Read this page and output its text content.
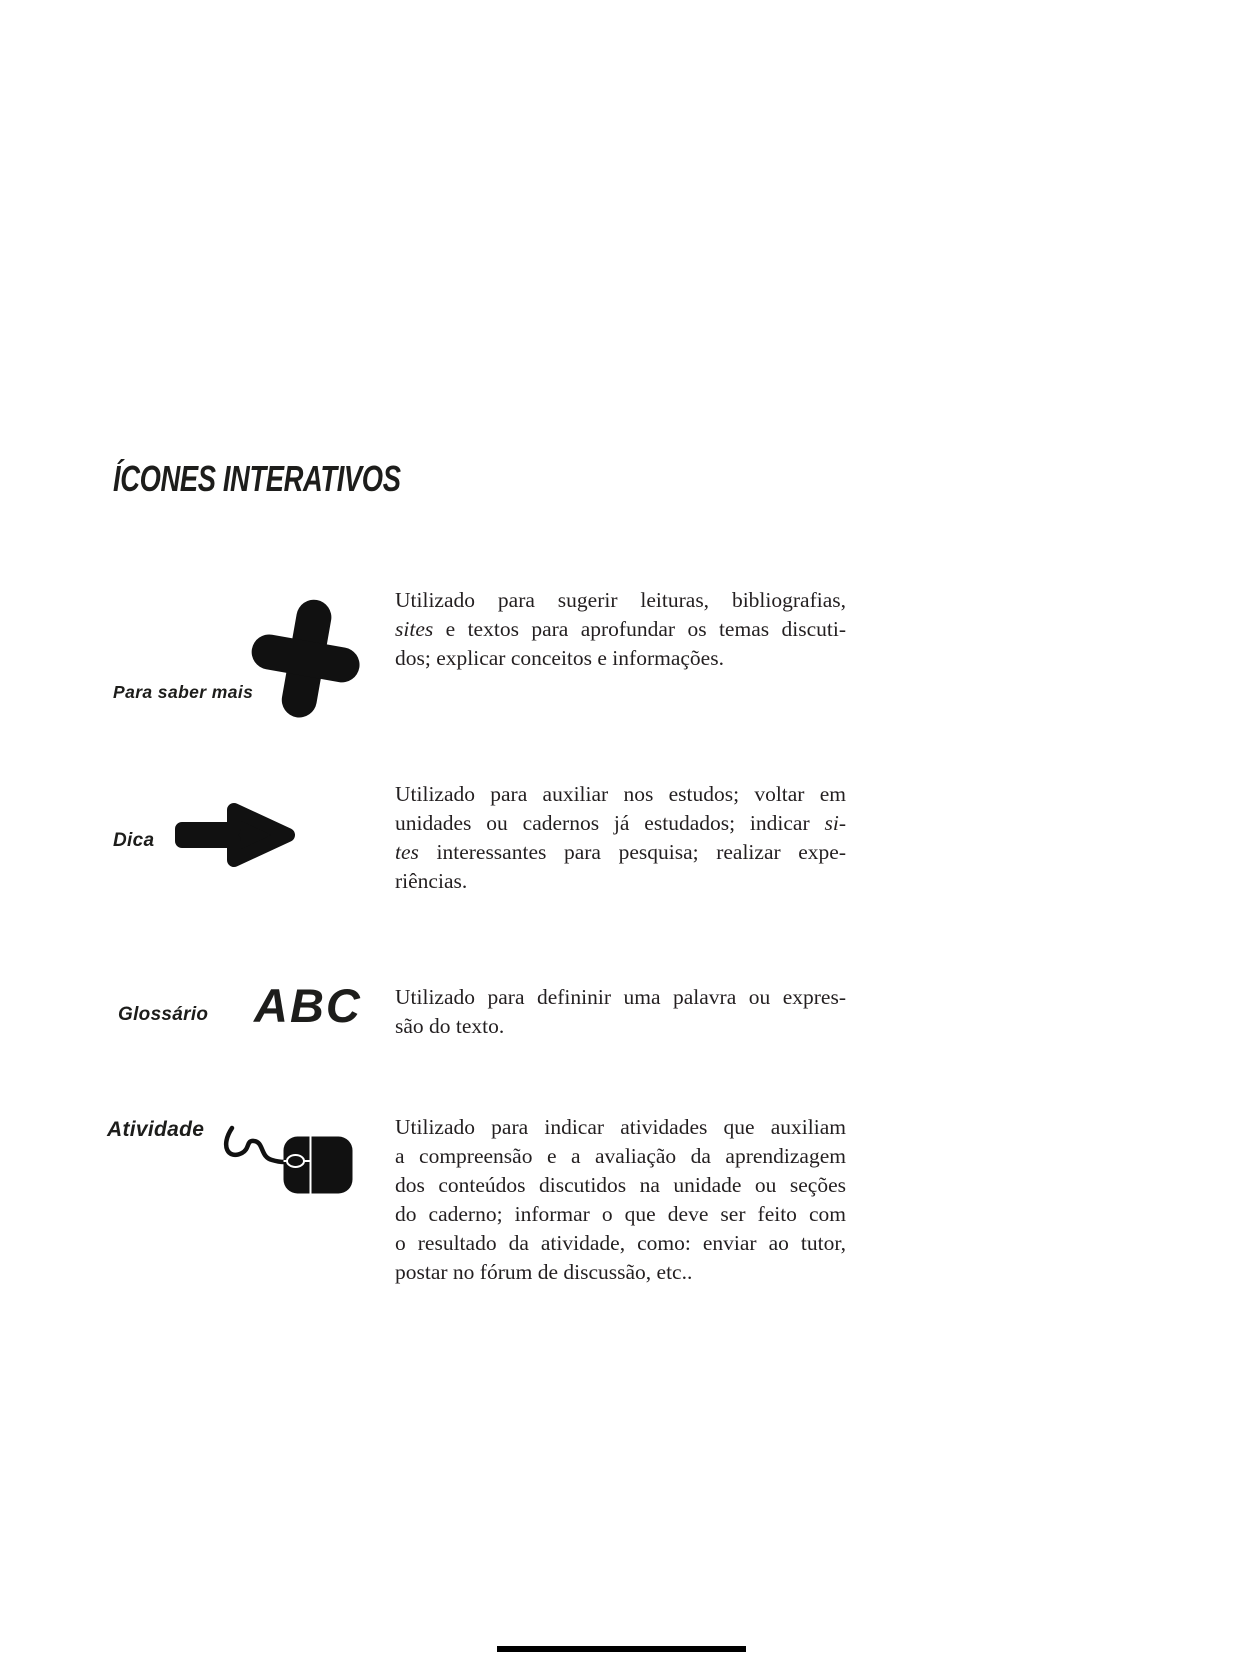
ÍCONES INTERATIVOS
Para saber mais
Utilizado para sugerir leituras, bibliografias,
sites e textos para aprofundar os temas discuti-
dos; explicar conceitos e informações.
Dica
Utilizado para auxiliar nos estudos; voltar em
unidades ou cadernos já estudados; indicar si-
tes interessantes para pesquisa; realizar expe-
riências.
ABC
Glossário
Utilizado para defininir uma palavra ou expres-
são do texto.
Atividade	Utilizado para indicar atividades que auxiliam
a compreensão e a avaliação da aprendizagem
dos conteúdos discutidos na unidade ou seções
do caderno; informar o que deve ser feito com
o resultado da atividade, como: enviar ao tutor,
postar no fórum de discussão, etc..
